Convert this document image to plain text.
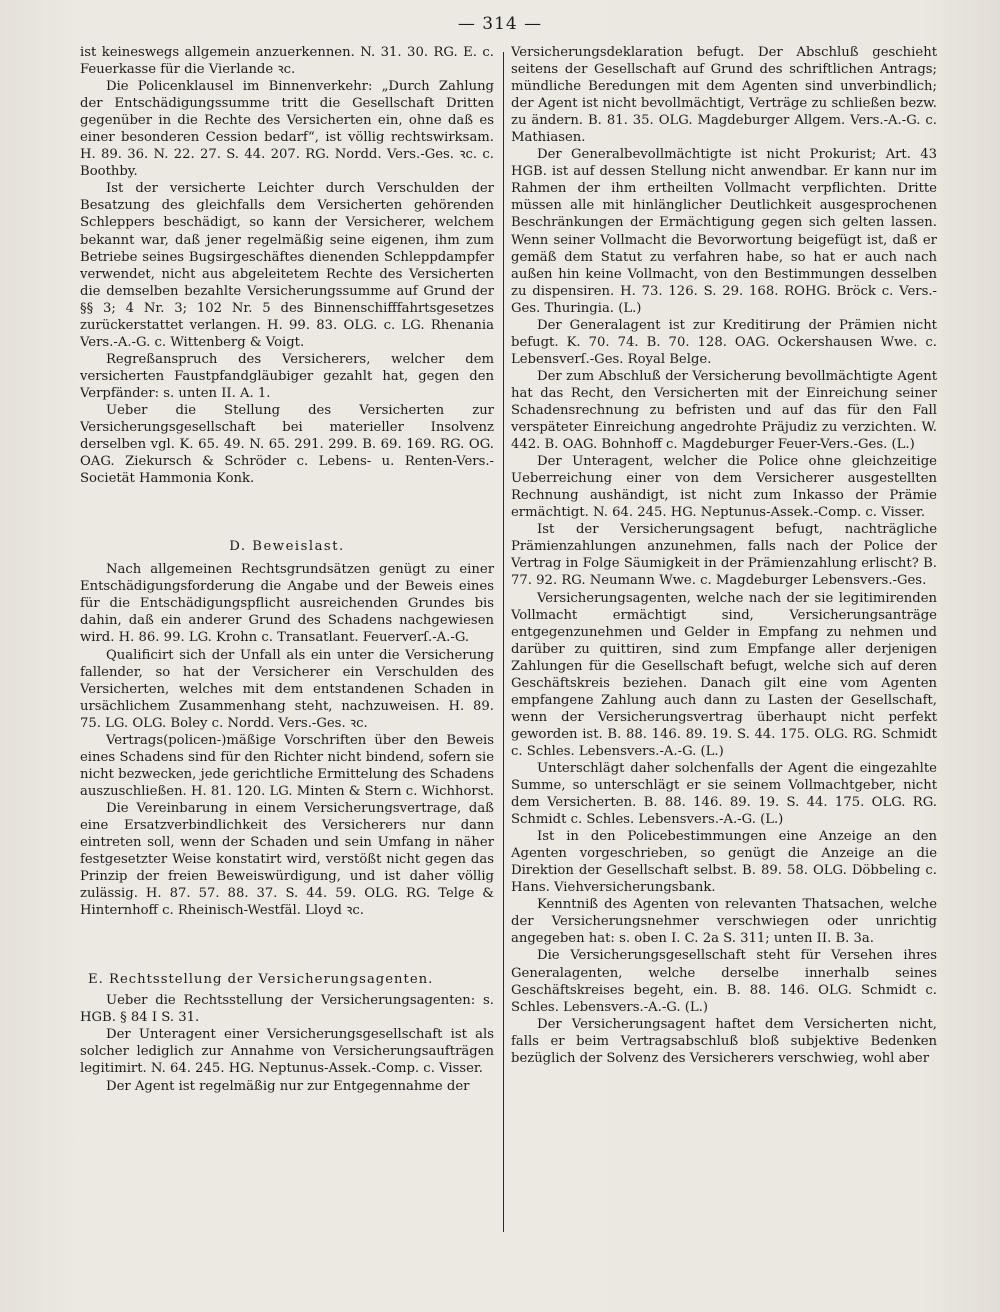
— 314 —

ist keineswegs allgemein anzuerkennen. N. 31. 30. RG. E. c. Feuerkasse für die Vierlande ꝛc.

Die Policenklausel im Binnenverkehr: „Durch Zahlung der Entschädigungssumme tritt die Gesellschaft Dritten gegenüber in die Rechte des Versicherten ein, ohne daß es einer besonderen Cession bedarf“, ist völlig rechtswirksam. H. 89. 36. N. 22. 27. S. 44. 207. RG. Nordd. Vers.-Ges. ꝛc. c. Boothby.

Ist der versicherte Leichter durch Verschulden der Besatzung des gleichfalls dem Versicherten gehörenden Schleppers beschädigt, so kann der Versicherer, welchem bekannt war, daß jener regelmäßig seine eigenen, ihm zum Betriebe seines Bugsirgeschäftes dienenden Schleppdampfer verwendet, nicht aus abgeleitetem Rechte des Versicherten die demselben bezahlte Versicherungssumme auf Grund der §§ 3; 4 Nr. 3; 102 Nr. 5 des Binnenschifffahrtsgesetzes zurückerstattet verlangen. H. 99. 83. OLG. c. LG. Rhenania Vers.-A.-G. c. Wittenberg & Voigt.

Regreßanspruch des Versicherers, welcher dem versicherten Faustpfandgläubiger gezahlt hat, gegen den Verpfänder: s. unten II. A. 1.

Ueber die Stellung des Versicherten zur Versicherungsgesellschaft bei materieller Insolvenz derselben vgl. K. 65. 49. N. 65. 291. 299. B. 69. 169. RG. OG. OAG. Ziekursch & Schröder c. Lebens- u. Renten-Vers.-Societät Hammonia Konk.

D. Beweislast.

Nach allgemeinen Rechtsgrundsätzen genügt zu einer Entschädigungsforderung die Angabe und der Beweis eines für die Entschädigungspflicht ausreichenden Grundes bis dahin, daß ein anderer Grund des Schadens nachgewiesen wird. H. 86. 99. LG. Krohn c. Transatlant. Feuerverſ.-A.-G.

Qualificirt sich der Unfall als ein unter die Versicherung fallender, so hat der Versicherer ein Verschulden des Versicherten, welches mit dem entstandenen Schaden in ursächlichem Zusammenhang steht, nachzuweisen. H. 89. 75. LG. OLG. Boley c. Nordd. Vers.-Ges. ꝛc.

Vertrags(policen-)mäßige Vorschriften über den Beweis eines Schadens sind für den Richter nicht bindend, sofern sie nicht bezwecken, jede gerichtliche Ermittelung des Schadens auszuschließen. H. 81. 120. LG. Minten & Stern c. Wichhorst.

Die Vereinbarung in einem Versicherungsvertrage, daß eine Ersatzverbindlichkeit des Versicherers nur dann eintreten soll, wenn der Schaden und sein Umfang in näher festgesetzter Weise konstatirt wird, verstößt nicht gegen das Prinzip der freien Beweiswürdigung, und ist daher völlig zulässig. H. 87. 57. 88. 37. S. 44. 59. OLG. RG. Telge & Hinternhoff c. Rheinisch-Westfäl. Lloyd ꝛc.

E. Rechtsstellung der Versicherungsagenten.

Ueber die Rechtsstellung der Versicherungsagenten: s. HGB. § 84 I S. 31.

Der Unteragent einer Versicherungsgesellschaft ist als solcher lediglich zur Annahme von Versicherungsaufträgen legitimirt. N. 64. 245. HG. Neptunus-Assek.-Comp. c. Visser.

Der Agent ist regelmäßig nur zur Entgegennahme der

Versicherungsdeklaration befugt. Der Abschluß geschieht seitens der Gesellschaft auf Grund des schriftlichen Antrags; mündliche Beredungen mit dem Agenten sind unverbindlich; der Agent ist nicht bevollmächtigt, Verträge zu schließen bezw. zu ändern. B. 81. 35. OLG. Magdeburger Allgem. Vers.-A.-G. c. Mathiasen.

Der Generalbevollmächtigte ist nicht Prokurist; Art. 43 HGB. ist auf dessen Stellung nicht anwendbar. Er kann nur im Rahmen der ihm ertheilten Vollmacht verpflichten. Dritte müssen alle mit hinlänglicher Deutlichkeit ausgesprochenen Beschränkungen der Ermächtigung gegen sich gelten lassen. Wenn seiner Vollmacht die Bevorwortung beigefügt ist, daß er gemäß dem Statut zu verfahren habe, so hat er auch nach außen hin keine Vollmacht, von den Bestimmungen desselben zu dispensiren. H. 73. 126. S. 29. 168. ROHG. Bröck c. Vers.-Ges. Thuringia. (L.)

Der Generalagent ist zur Kreditirung der Prämien nicht befugt. K. 70. 74. B. 70. 128. OAG. Ockershausen Wwe. c. Lebensverſ.-Ges. Royal Belge.

Der zum Abschluß der Versicherung bevollmächtigte Agent hat das Recht, den Versicherten mit der Einreichung seiner Schadensrechnung zu befristen und auf das für den Fall verspäteter Einreichung angedrohte Präjudiz zu verzichten. W. 442. B. OAG. Bohnhoff c. Magdeburger Feuer-Vers.-Ges. (L.)

Der Unteragent, welcher die Police ohne gleichzeitige Ueberreichung einer von dem Versicherer ausgestellten Rechnung aushändigt, ist nicht zum Inkasso der Prämie ermächtigt. N. 64. 245. HG. Neptunus-Assek.-Comp. c. Visser.

Ist der Versicherungsagent befugt, nachträgliche Prämienzahlungen anzunehmen, falls nach der Police der Vertrag in Folge Säumigkeit in der Prämienzahlung erlischt? B. 77. 92. RG. Neumann Wwe. c. Magdeburger Lebensvers.-Ges.

Versicherungsagenten, welche nach der sie legitimirenden Vollmacht ermächtigt sind, Versicherungsanträge entgegenzunehmen und Gelder in Empfang zu nehmen und darüber zu quittiren, sind zum Empfange aller derjenigen Zahlungen für die Gesellschaft befugt, welche sich auf deren Geschäftskreis beziehen. Danach gilt eine vom Agenten empfangene Zahlung auch dann zu Lasten der Gesellschaft, wenn der Versicherungsvertrag überhaupt nicht perfekt geworden ist. B. 88. 146. 89. 19. S. 44. 175. OLG. RG. Schmidt c. Schles. Lebensvers.-A.-G. (L.)

Unterschlägt daher solchenfalls der Agent die eingezahlte Summe, so unterschlägt er sie seinem Vollmachtgeber, nicht dem Versicherten. B. 88. 146. 89. 19. S. 44. 175. OLG. RG. Schmidt c. Schles. Lebensvers.-A.-G. (L.)

Ist in den Policebestimmungen eine Anzeige an den Agenten vorgeschrieben, so genügt die Anzeige an die Direktion der Gesellschaft selbst. B. 89. 58. OLG. Döbbeling c. Hans. Viehversicherungsbank.

Kenntniß des Agenten von relevanten Thatsachen, welche der Versicherungsnehmer verschwiegen oder unrichtig angegeben hat: s. oben I. C. 2a S. 311; unten II. B. 3a.

Die Versicherungsgesellschaft steht für Versehen ihres Generalagenten, welche derselbe innerhalb seines Geschäftskreises begeht, ein. B. 88. 146. OLG. Schmidt c. Schles. Lebensvers.-A.-G. (L.)

Der Versicherungsagent haftet dem Versicherten nicht, falls er beim Vertragsabschluß bloß subjektive Bedenken bezüglich der Solvenz des Versicherers verschwieg, wohl aber
